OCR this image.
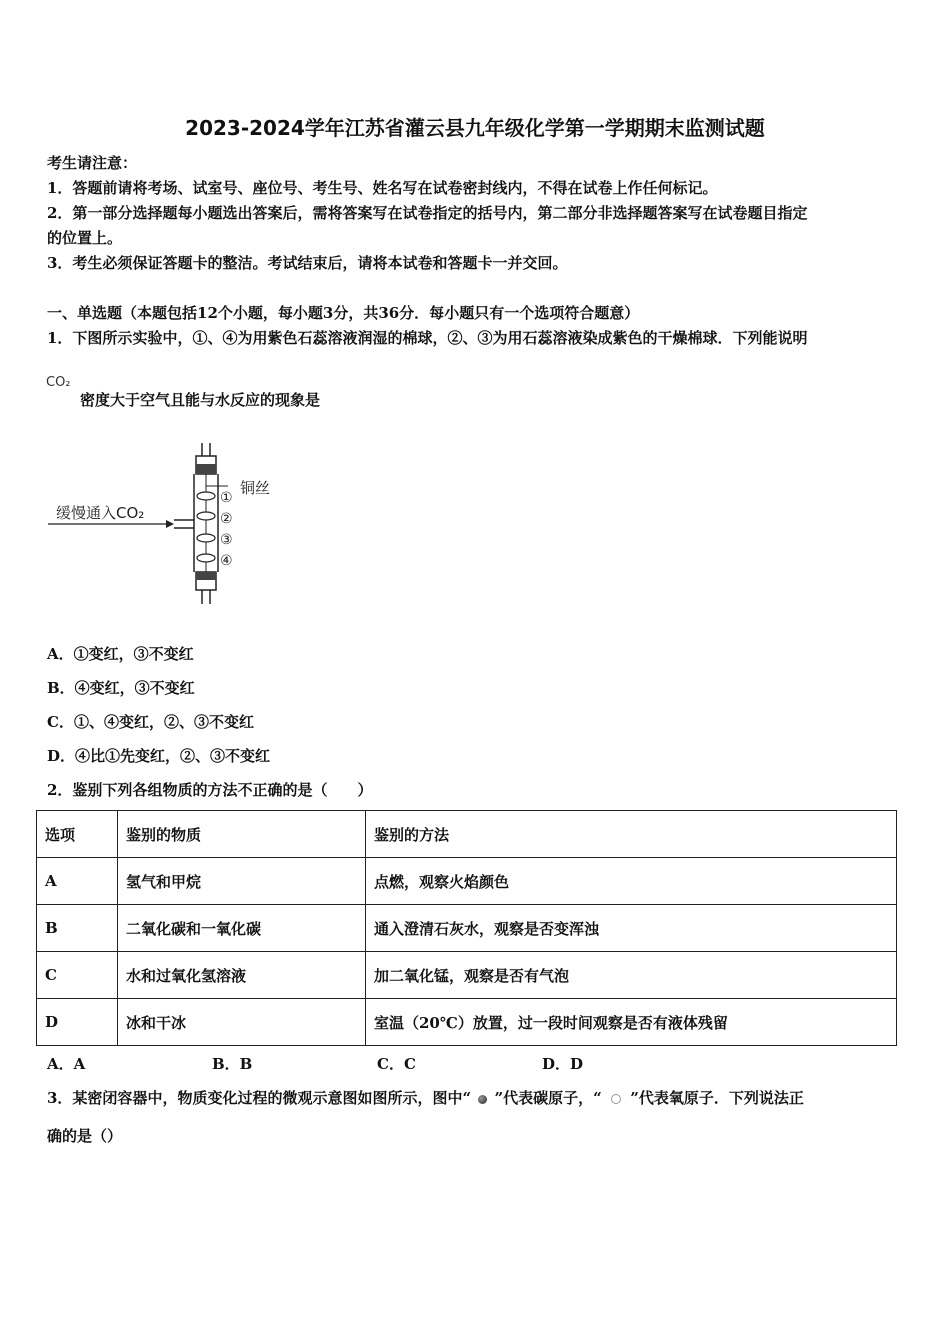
2023-2024学年江苏省灌云县九年级化学第一学期期末监测试题
考生请注意：
1．答题前请将考场、试室号、座位号、考生号、姓名写在试卷密封线内，不得在试卷上作任何标记。
2．第一部分选择题每小题选出答案后，需将答案写在试卷指定的括号内，第二部分非选择题答案写在试卷题目指定
的位置上。
3．考生必须保证答题卡的整洁。考试结束后，请将本试卷和答题卡一并交回。
一、单选题（本题包括12个小题，每小题3分，共36分．每小题只有一个选项符合题意）
1．下图所示实验中，①、④为用紫色石蕊溶液润湿的棉球，②、③为用石蕊溶液染成紫色的干燥棉球．下列能说明
CO₂
密度大于空气且能与水反应的现象是
缓慢通入CO₂
铜丝
①
②
③
④
A．①变红，③不变红
B．④变红，③不变红
C．①、④变红，②、③不变红
D．④比①先变红，②、③不变红
2．鉴别下列各组物质的方法不正确的是（　　）
选项	鉴别的物质	鉴别的方法
A	氢气和甲烷	点燃，观察火焰颜色
B	二氧化碳和一氧化碳	通入澄清石灰水，观察是否变浑浊
C	水和过氧化氢溶液	加二氧化锰，观察是否有气泡
D	冰和干冰	室温（20℃）放置，过一段时间观察是否有液体残留
A．A	B．B	C．C	D．D
3．某密闭容器中，物质变化过程的微观示意图如图所示，图中“ ”代表碳原子，“ ”代表氧原子．下列说法正
确的是（）
